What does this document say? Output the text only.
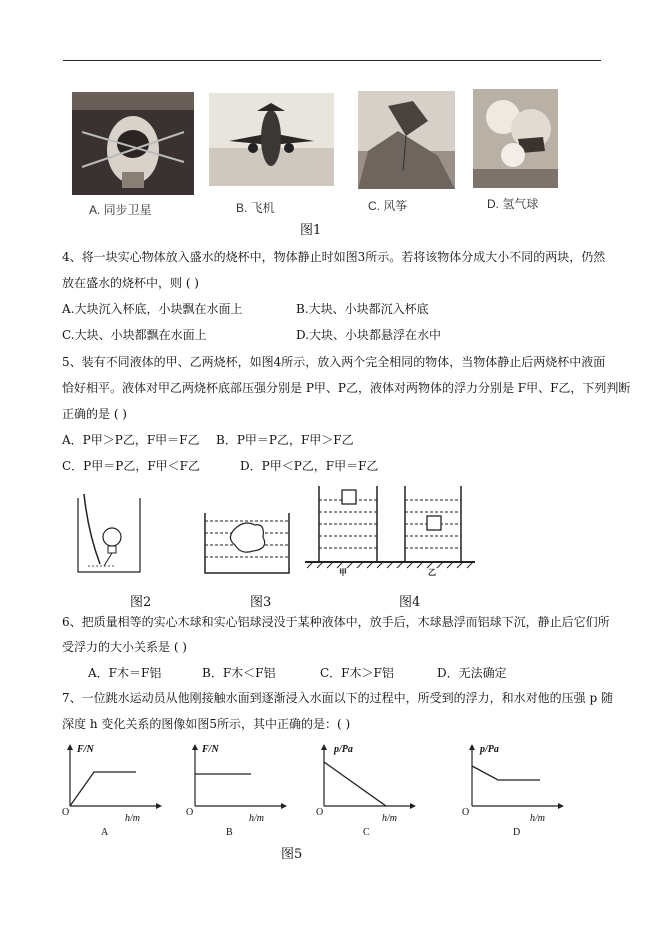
A. 同步卫星	B. 飞机	C. 风筝	D. 氢气球
图1
4、将一块实心物体放入盛水的烧杯中，物体静止时如图3所示。若将该物体分成大小不同的两块，仍然
放在盛水的烧杯中，则 ( )
A.大块沉入杯底，小块飘在水面上	B.大块、小块都沉入杯底
C.大块、小块都飘在水面上	D.大块、小块都悬浮在水中
5、装有不同液体的甲、乙两烧杯，如图4所示，放入两个完全相同的物体，当物体静止后两烧杯中液面
恰好相平。液体对甲乙两烧杯底部压强分别是 P甲、P乙，液体对两物体的浮力分别是 F甲、F乙，下列判断
正确的是 ( )
A．P甲＞P乙，F甲＝F乙 B．P甲＝P乙，F甲＞F乙
C．P甲＝P乙，F甲＜F乙	D．P甲＜P乙，F甲＝F乙
甲	乙
图2	图3	图4
6、把质量相等的实心木球和实心铝球浸没于某种液体中，放手后，木球悬浮而铝球下沉，静止后它们所
受浮力的大小关系是 ( )
A．F木＝F铝	B．F木＜F铝	C．F木＞F铝	D．无法确定
7、一位跳水运动员从他刚接触水面到逐渐浸入水面以下的过程中，所受到的浮力，和水对他的压强 p 随
深度 h 变化关系的图像如图5所示，其中正确的是：( )
F/N
O
h/m
A
F/N
O
h/m
B
p/Pa
O
h/m
C
p/Pa
O
h/m
D
图5
